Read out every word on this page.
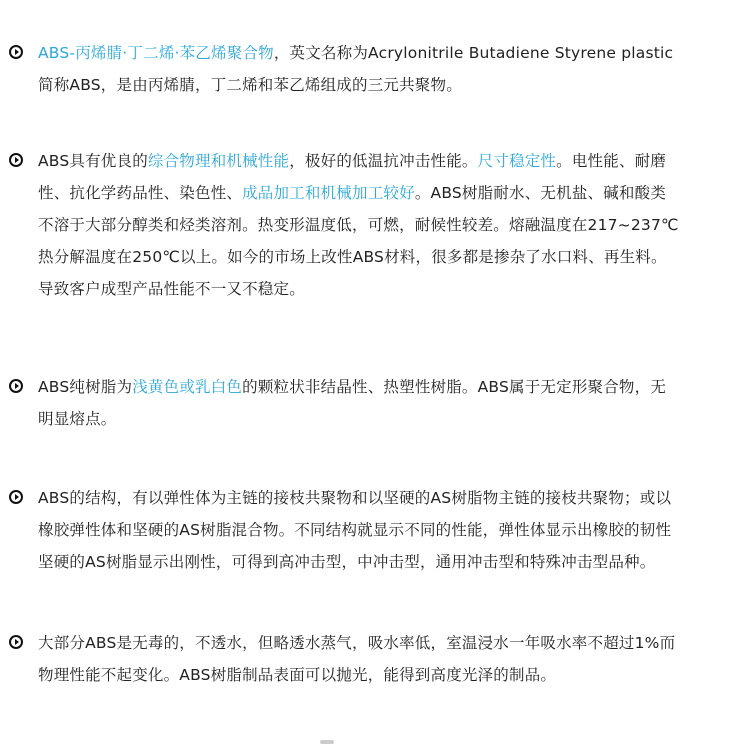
ABS-丙烯腈·丁二烯·苯乙烯聚合物，英文名称为Acrylonitrile Butadiene Styrene plastic
简称ABS，是由丙烯腈，丁二烯和苯乙烯组成的三元共聚物。
ABS具有优良的综合物理和机械性能，极好的低温抗冲击性能。尺寸稳定性。电性能、耐磨
性、抗化学药品性、染色性、成品加工和机械加工较好。ABS树脂耐水、无机盐、碱和酸类
不溶于大部分醇类和烃类溶剂。热变形温度低，可燃，耐候性较差。熔融温度在217~237℃
热分解温度在250℃以上。如今的市场上改性ABS材料，很多都是掺杂了水口料、再生料。
导致客户成型产品性能不一又不稳定。
ABS纯树脂为浅黄色或乳白色的颗粒状非结晶性、热塑性树脂。ABS属于无定形聚合物，无
明显熔点。
ABS的结构，有以弹性体为主链的接枝共聚物和以坚硬的AS树脂物主链的接枝共聚物；或以
橡胶弹性体和坚硬的AS树脂混合物。不同结构就显示不同的性能，弹性体显示出橡胶的韧性
坚硬的AS树脂显示出刚性，可得到高冲击型，中冲击型，通用冲击型和特殊冲击型品种。
大部分ABS是无毒的，不透水，但略透水蒸气，吸水率低，室温浸水一年吸水率不超过1%而
物理性能不起变化。ABS树脂制品表面可以抛光，能得到高度光泽的制品。
